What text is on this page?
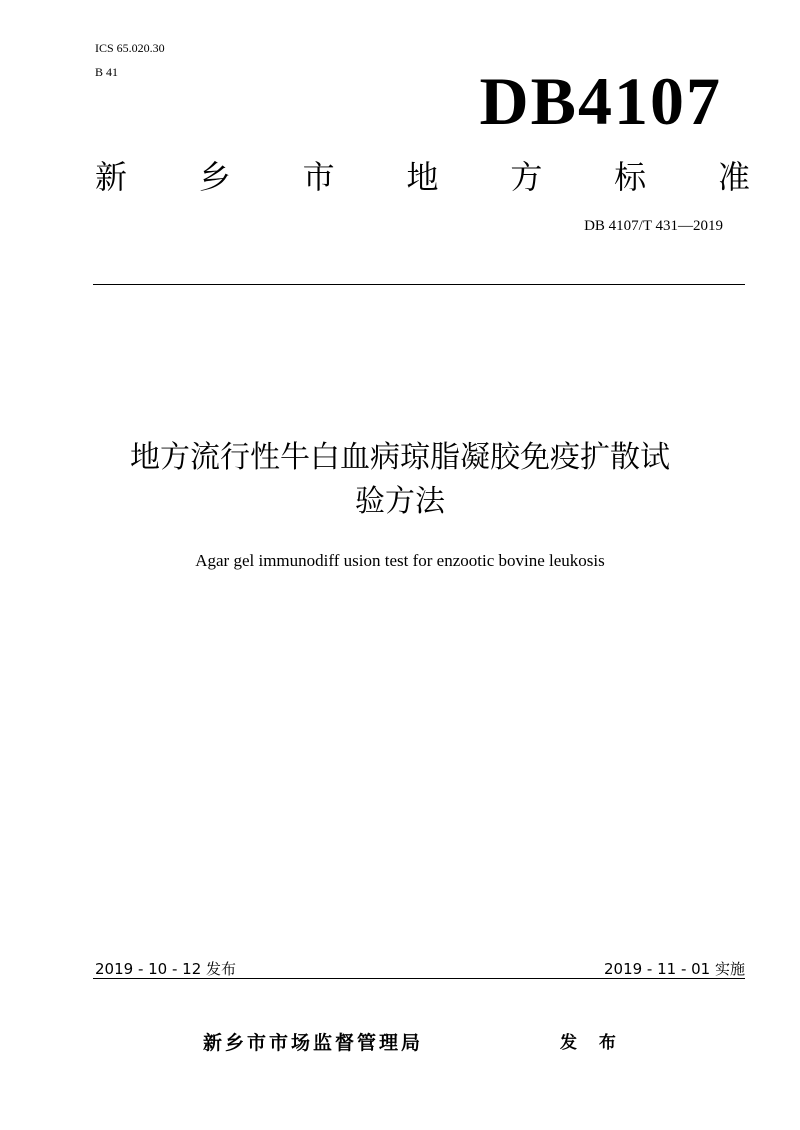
ICS 65.020.30
B 41	DB4107
新 乡 市 地 方 标 准
DB 4107/T 431—2019
地方流行性牛白血病琼脂凝胶免疫扩散试
验方法
Agar gel immunodiff usion test for enzootic bovine leukosis
2019 - 10 - 12 发布	2019 - 11 - 01 实施
新乡市市场监督管理局	发 布
